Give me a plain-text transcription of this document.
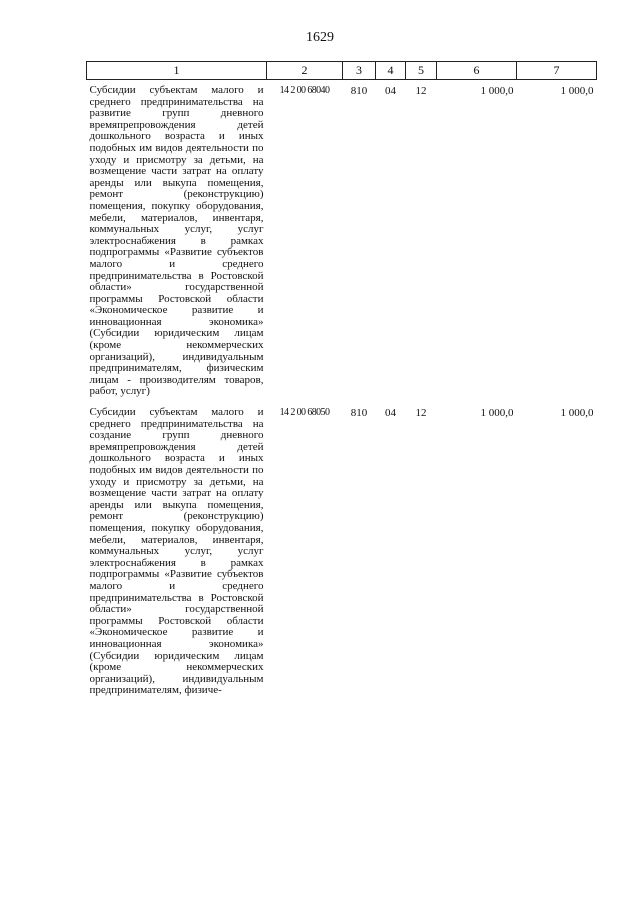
1629
1	2	3	4	5	6	7
Субсидии субъектам малого и среднего предпринимательства на развитие групп дневного времяпрепровождения детей дошкольного возраста и иных подобных им видов деятельности по уходу и присмотру за детьми, на возмещение части затрат на оплату аренды или выкупа помещения, ремонт (реконструкцию) помещения, покупку оборудования, мебели, материалов, инвентаря, коммунальных услуг, услуг электроснабжения в рамках подпрограммы «Развитие субъектов малого и среднего предпринимательства в Ростовской области» государственной программы Ростовской области «Экономическое развитие и инновационная экономика» (Субсидии юридическим лицам (кроме некоммерческих организаций), индивидуальным предпринимателям, физическим лицам - производителям товаров, работ, услуг)	14 2 00 68040	810	04	12	1 000,0	1 000,0
Субсидии субъектам малого и среднего предпринимательства на создание групп дневного времяпрепровождения детей дошкольного возраста и иных подобных им видов деятельности по уходу и присмотру за детьми, на возмещение части затрат на оплату аренды или выкупа помещения, ремонт (реконструкцию) помещения, покупку оборудования, мебели, материалов, инвентаря, коммунальных услуг, услуг электроснабжения в рамках подпрограммы «Развитие субъектов малого и среднего предпринимательства в Ростовской области» государственной программы Ростовской области «Экономическое развитие и инновационная экономика» (Субсидии юридическим лицам (кроме некоммерческих организаций), индивидуальным предпринимателям, физиче-	14 2 00 68050	810	04	12	1 000,0	1 000,0
